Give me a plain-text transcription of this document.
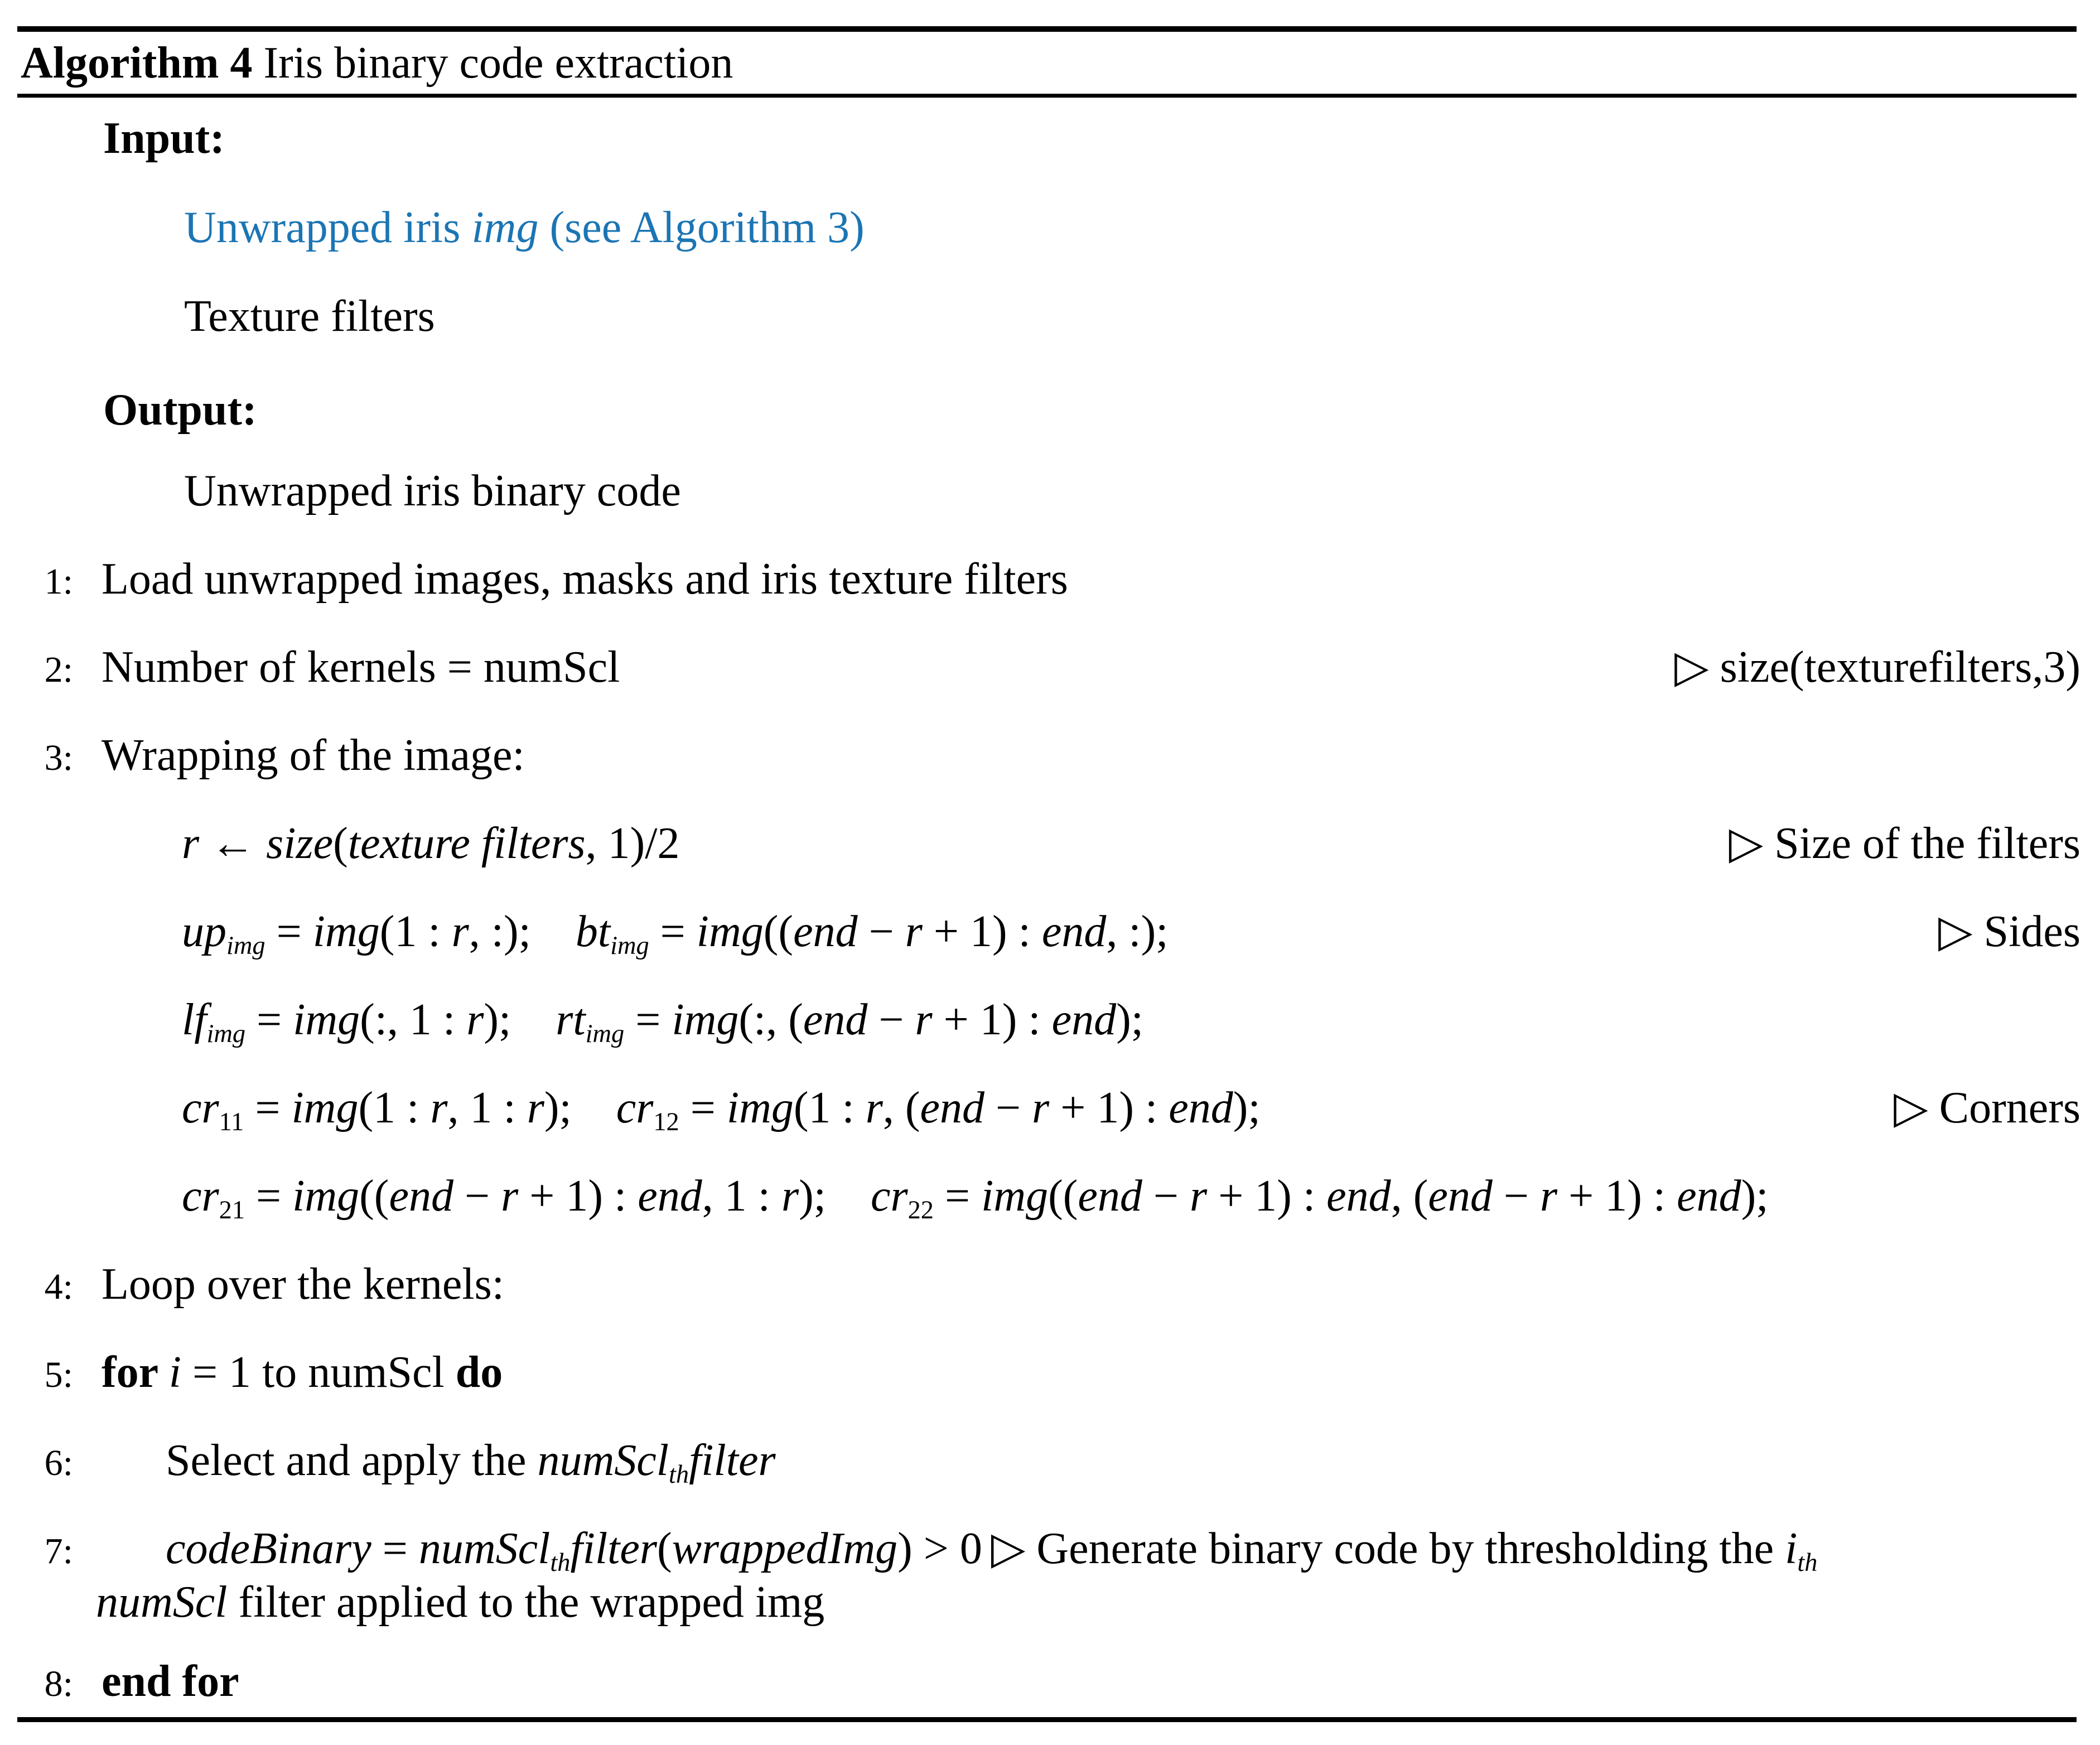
Algorithm 4 Iris binary code extraction
Input:
Unwrapped iris img (see Algorithm 3)
Texture filters
Output:
Unwrapped iris binary code
1: Load unwrapped images, masks and iris texture filters
2: Number of kernels = numScl	▷ size(texturefilters,3)
3: Wrapping of the image:
r ← size(texture filters, 1)/2	▷ Size of the filters
upimg = img(1 : r, :); btimg = img((end − r + 1) : end, :);	▷ Sides
lfimg = img(:, 1 : r); rtimg = img(:, (end − r + 1) : end);
cr11 = img(1 : r, 1 : r); cr12 = img(1 : r, (end − r + 1) : end);	▷ Corners
cr21 = img((end − r + 1) : end, 1 : r); cr22 = img((end − r + 1) : end, (end − r + 1) : end);
4: Loop over the kernels:
5: for i = 1 to numScl do
6: Select and apply the numSclthfilter
7: codeBinary = numSclthfilter(wrappedImg) > 0 ▷ Generate binary code by thresholding the ith
numScl filter applied to the wrapped img
8: end for
